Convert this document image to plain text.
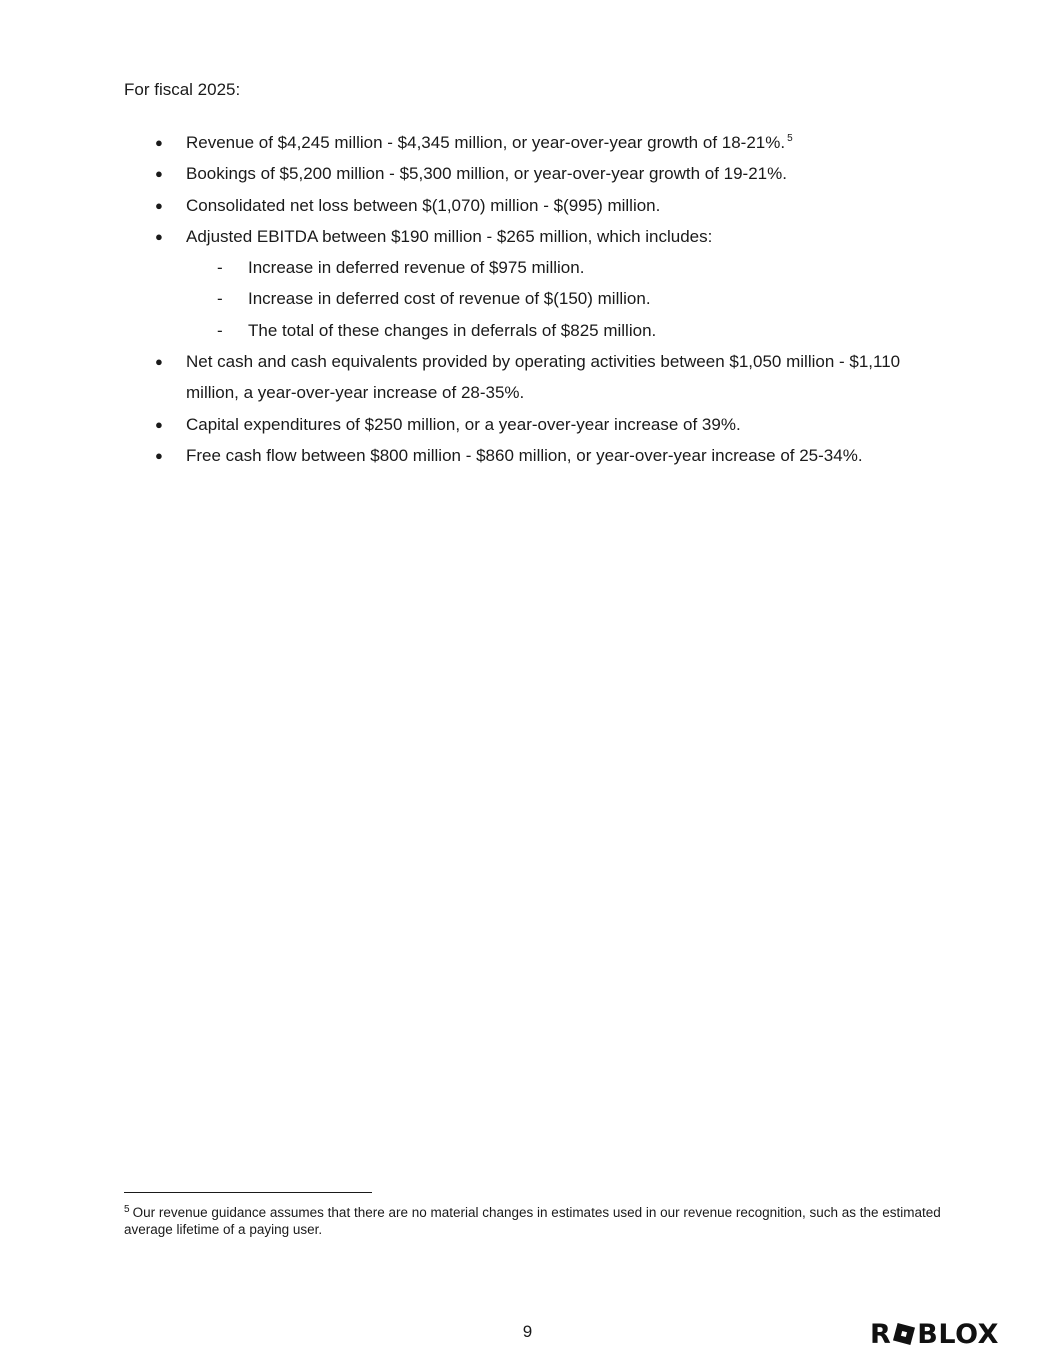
For fiscal 2025:

● Revenue of $4,245 million - $4,345 million, or year-over-year growth of 18-21%. $^5$
● Bookings of $5,200 million - $5,300 million, or year-over-year growth of 19-21%.
● Consolidated net loss between $(1,070) million - $(995) million.
● Adjusted EBITDA between $190 million - $265 million, which includes:
- Increase in deferred revenue of $975 million.
- Increase in deferred cost of revenue of $(150) million.
- The total of these changes in deferrals of $825 million.
● Net cash and cash equivalents provided by operating activities between $1,050 million - $1,110 million, a year-over-year increase of 28-35%.
● Capital expenditures of $250 million, or a year-over-year increase of 39%.
● Free cash flow between $800 million - $860 million, or year-over-year increase of 25-34%.

$^5$ Our revenue guidance assumes that there are no material changes in estimates used in our revenue recognition, such as the estimated average lifetime of a paying user.

9	R BLOX
